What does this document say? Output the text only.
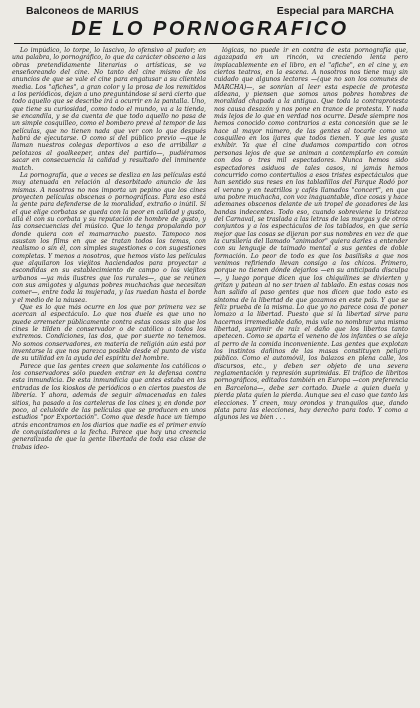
Balconeos de MARIUS	Especial para MARCHA
DE LO PORNOGRAFICO

Lo impúdico, lo torpe, lo lascivo, lo ofensivo al pudor; en una palabra, lo pornográfico, lo que da carácter obsceno a las obras pretendidamente literarias o artísticas, se va enseñoreando del cine. No tanto del cine mismo de los anuncios de que se vale el cine para engatusar a su clientela media. Los "afiches", a gran color y la prosa de los remitidos a los periódicos, dejan a uno preguntándose si será cierto que todo aquello que se describe irá a ocurrir en la pantalla. Uno, que tiene su curiosidad, como todo el mundo, va a la tienda, se encandila, y se da cuenta de que todo aquello no pasa de un simple cosquilleo, como el bombero prevé al tempor de las películas, que no tienen nada que ver con lo que después habrá de ejecutarse. O como si del público previo —que le llaman nuestros colegas deportivos a eso de arribillar a pelotazos al goalkeeper, antes del partido—, pudiéramos sacar en consecuencia la calidad y resultado del inminente match.

La pornografía, que a veces se desliza en las películas está muy atenuada en relación al desorbitado anuncio de las mismas. A nosotros no nos importa un pepino que los cines proyecten películas obscenas o pornográficas. Para eso está la gente para defenderse de la moralidad, extraño o inútil. Si el que elige corbatas se queda con la peor en calidad y gusto, allá él con su corbata y su reputación de hombre de gusto, y las consecuencias del músico. Que lo tenga propalando por donde quiera con el mamarracho puesto. Tampoco nos asustan los films en que se tratan todos los temas, con realismo o sin él, con simples sugestiones o con sugestiones completas. Y menos a nosotros, que hemos visto las películas que alquilaron los viejitos haciendados para proyectar a escondidas en su establecimiento de campo o los viejitos urbanos —ya más ilustres que los rurales—, que se reúnen con sus amigotes y algunas pobres muchachas que necesitan comer—, entre toda la mujerada, y las ruedan hasta el borde y el medio de la náusea.

Que es lo que más ocurre en los que por primera vez se acercan al espectáculo. Lo que nos duele es que uno no puede arremeter públicamente contra estas cosas sin que los cines le tilden de conservador o de católico a todos los extremos. Condiciones, las dos, que por suerte no tenemos. No somos conservadores, en materia de religión aún está por inventarse la que nos parezca posible desde el punto de vista de su utilidad en la ayuda del espíritu del hombre.

Parece que las gentes creen que solamente los católicos o los conservadores sólo pueden entrar en la defensa contra esta inmundicia. De esta inmundicia que antes estaba en las entradas de los kioskos de periódicos o en ciertos puestos de librería. Y ahora, además de seguir almacenadas en tales sitios, ha pasado a los carteleras de los cines y, en donde por poco, al celuloide de las películas que se producen en unos estudios "por Exportación". Como que desde hace un tiempo atrás encontramos en los diarios que nadie es el primer envío de conquistadores a la fecha. Parece que hay una creencia generalizada de que la gente libertada de toda esa clase de trabas ideo-

lógicas, no puede ir en contra de esta pornografía que, agazapada en un rincón, va creciendo lenta pero implacablemente en el libro, en el "afiche", en el cine y, en ciertos teatros, en la escena. A nosotros nos tiene muy sin cuidado que algunos lectores —(que no son los comunes de MARCHA)—, se sonrían al leer esta especie de protesta aldeana, y piensen que somos unos pobres hombres de moralidad chapada a la antigua. Que toda la contraprotesta nos causa desazón y nos pone en trance de protesta. Y nada más lejos de lo que en verdad nos ocurre. Desde siempre nos hemos conocido como contrarios a esta concesión que se le hace al mayor número, de las gentes al tocarle como un cosquilleo en los ijares que todos tienen. Y que les gusta exhibir. Ya que el cine dudamos compartido con otros personas lejos de que se animan a contemplarlo en común con dos o tres mil espectadores. Nunca hemos sido espectadores asiduos de tales casos, ni jamás hemos concurrido como contertulios a esos tristes espectáculos que han sentido sus reses en los tabladillos del Parque Rodó por el verano y en teatrillos y cafés llamados "concert", en que una pobre muchacha, con voz inaguantable, dice cosas y hace ademanes obscenos delante de un tropel de gozadores de las bandas indecentes. Todo eso, cuando sobreviene la tristeza del Carnaval, se traslada a las letras de las murgas y de otros conjuntos y a los espectáculos de los tablados, en que sería mejor que las cosas se dijeran por sus nombres en vez de que la cursilería del llamado "animador" quiera darles a entender con su lenguaje de taimado mental a sus gentes de doble formación. Lo peor de todo es que los basilisks a que nos venimos refiriendo llevan consigo a los chicos. Primero, porque no tienen dónde dejarlos —en su anticipada disculpa—, y luego porque dicen que los chiquilines se divierten y gritan y patean al no ser traen al tablado. En estas cosas nos han salido al paso gentes que nos dicen que todo esto es síntoma de la libertad de que gozamos en este país. Y que se feliz prueba de la misma. Lo que yo no parece cosa de poner lomazo a la libertad. Puesto que si la libertad sirve para hacernos irremediable daño, más vale no nombrar una misma libertad, suprimir de raíz el daño que los libertos tanto apetecen. Como se aparta el veneno de los infantes o se aleja al perro de la comida inconveniente. Las gentes que explotan los instintos dañinos de las masas constituyen peligro público. Como el automóvil, los balazos en plena calle, los discursos, etc., y deben ser objeto de una severa reglamentación y represión suprimidas. El tráfico de libritos pornográficos, editados también en Europa —con preferencia en Barcelona—, debe ser cortado. Duele a quien duela y pierda plata quien la pierda. Aunque sea el caso que tanto las elecciones. Y creen, muy orondos y tranquilos que, dando plata para las elecciones, hay derecho para todo. Y como a algunos les va bien . . .
